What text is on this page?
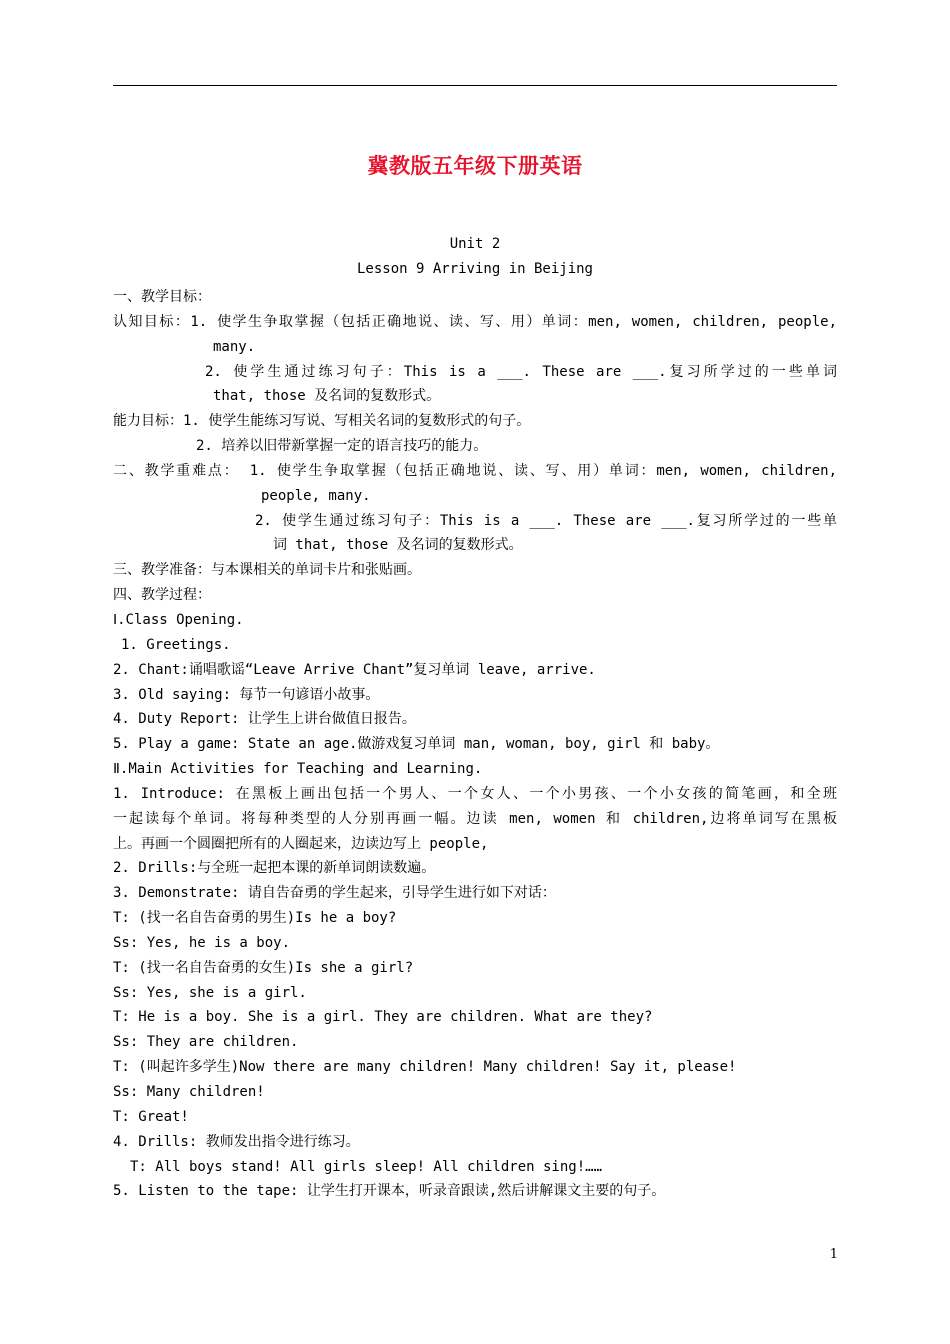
冀教版五年级下册英语
Unit 2
Lesson 9 Arriving in Beijing
一、教学目标：
认知目标：1. 使学生争取掌握（包括正确地说、读、写、用）单词：men, women, children, people,
many.
2. 使学生通过练习句子：This is a ___. These are ___.复习所学过的一些单词
that, those 及名词的复数形式。
能力目标：1. 使学生能练习写说、写相关名词的复数形式的句子。
2. 培养以旧带新掌握一定的语言技巧的能力。
二、教学重难点： 1. 使学生争取掌握（包括正确地说、读、写、用）单词：men, women, children,
people, many.
2. 使学生通过练习句子：This is a ___. These are ___.复习所学过的一些单
词 that, those 及名词的复数形式。
三、教学准备：与本课相关的单词卡片和张贴画。
四、教学过程：
Ⅰ.Class Opening.
1. Greetings.
2. Chant:诵唱歌谣“Leave Arrive Chant”复习单词 leave, arrive.
3. Old saying: 每节一句谚语小故事。
4. Duty Report: 让学生上讲台做值日报告。
5. Play a game: State an age.做游戏复习单词 man, woman, boy, girl 和 baby。
Ⅱ.Main Activities for Teaching and Learning.
1. Introduce: 在黑板上画出包括一个男人、一个女人、一个小男孩、一个小女孩的简笔画，和全班
一起读每个单词。将每种类型的人分别再画一幅。边读 men, women 和 children,边将单词写在黑板
上。再画一个圆圈把所有的人圈起来，边读边写上 people,
2. Drills:与全班一起把本课的新单词朗读数遍。
3. Demonstrate: 请自告奋勇的学生起来，引导学生进行如下对话：
T: (找一名自告奋勇的男生)Is he a boy?
Ss: Yes, he is a boy.
T: (找一名自告奋勇的女生)Is she a girl?
Ss: Yes, she is a girl.
T: He is a boy. She is a girl. They are children. What are they?
Ss: They are children.
T: (叫起许多学生)Now there are many children! Many children! Say it, please!
Ss: Many children!
T: Great!
4. Drills: 教师发出指令进行练习。
T: All boys stand! All girls sleep! All children sing!……
5. Listen to the tape: 让学生打开课本，听录音跟读,然后讲解课文主要的句子。
1
